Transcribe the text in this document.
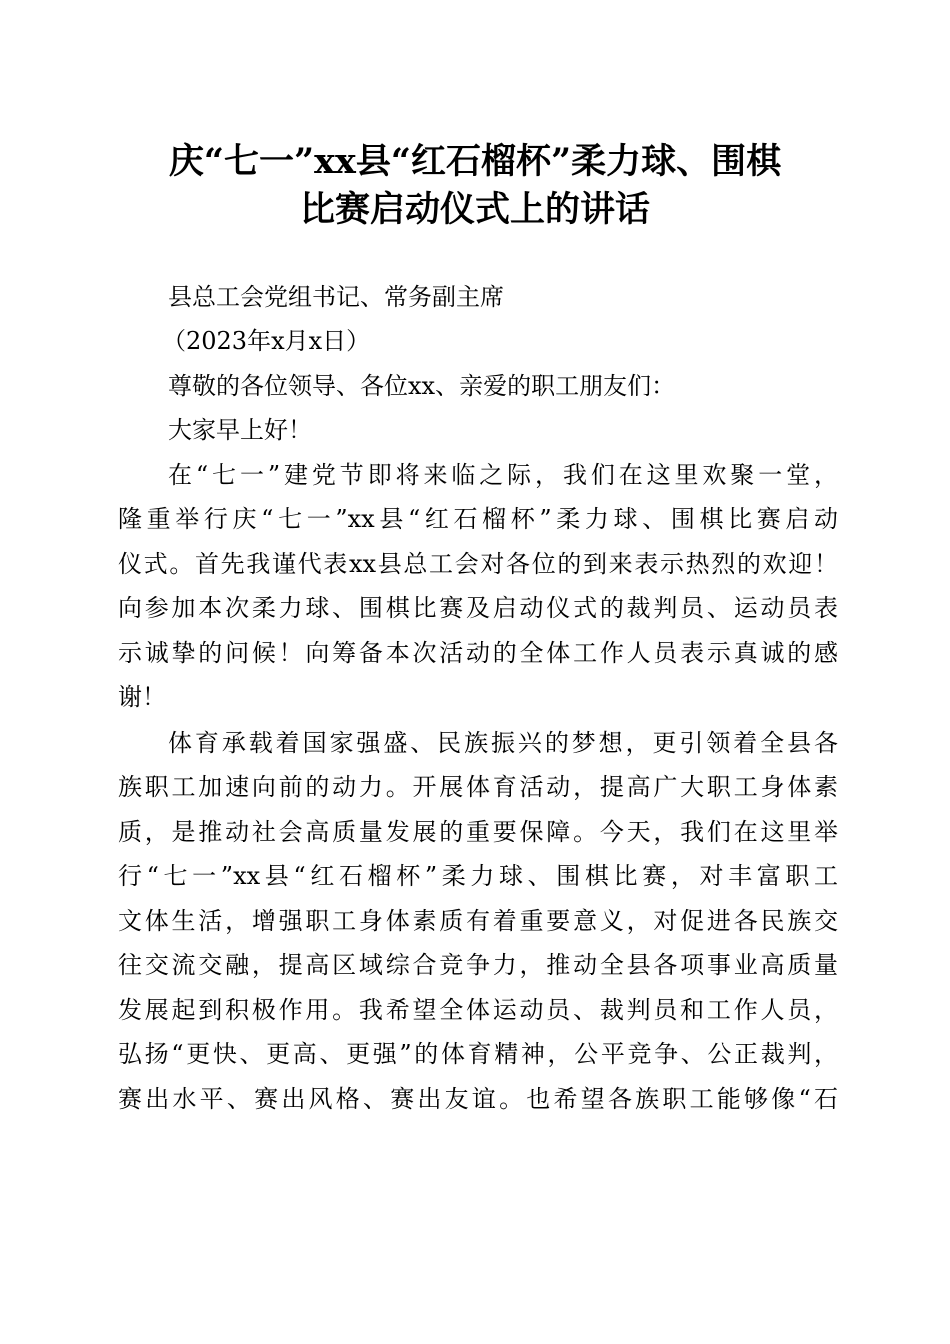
庆“七一”xx县“红石榴杯”柔力球、围棋
比赛启动仪式上的讲话

县总工会党组书记、常务副主席

（2023年x月x日）

尊敬的各位领导、各位xx、亲爱的职工朋友们：

大家早上好！

在“七一”建党节即将来临之际，我们在这里欢聚一堂，

隆重举行庆“七一”xx县“红石榴杯”柔力球、围棋比赛启动

仪式。首先我谨代表xx县总工会对各位的到来表示热烈的欢迎！

向参加本次柔力球、围棋比赛及启动仪式的裁判员、运动员表

示诚挚的问候！向筹备本次活动的全体工作人员表示真诚的感

谢！

体育承载着国家强盛、民族振兴的梦想，更引领着全县各

族职工加速向前的动力。开展体育活动，提高广大职工身体素

质，是推动社会高质量发展的重要保障。今天，我们在这里举

行“七一”xx县“红石榴杯”柔力球、围棋比赛，对丰富职工

文体生活，增强职工身体素质有着重要意义，对促进各民族交

往交流交融，提高区域综合竞争力，推动全县各项事业高质量

发展起到积极作用。我希望全体运动员、裁判员和工作人员，

弘扬“更快、更高、更强”的体育精神，公平竞争、公正裁判，

赛出水平、赛出风格、赛出友谊。也希望各族职工能够像“石
